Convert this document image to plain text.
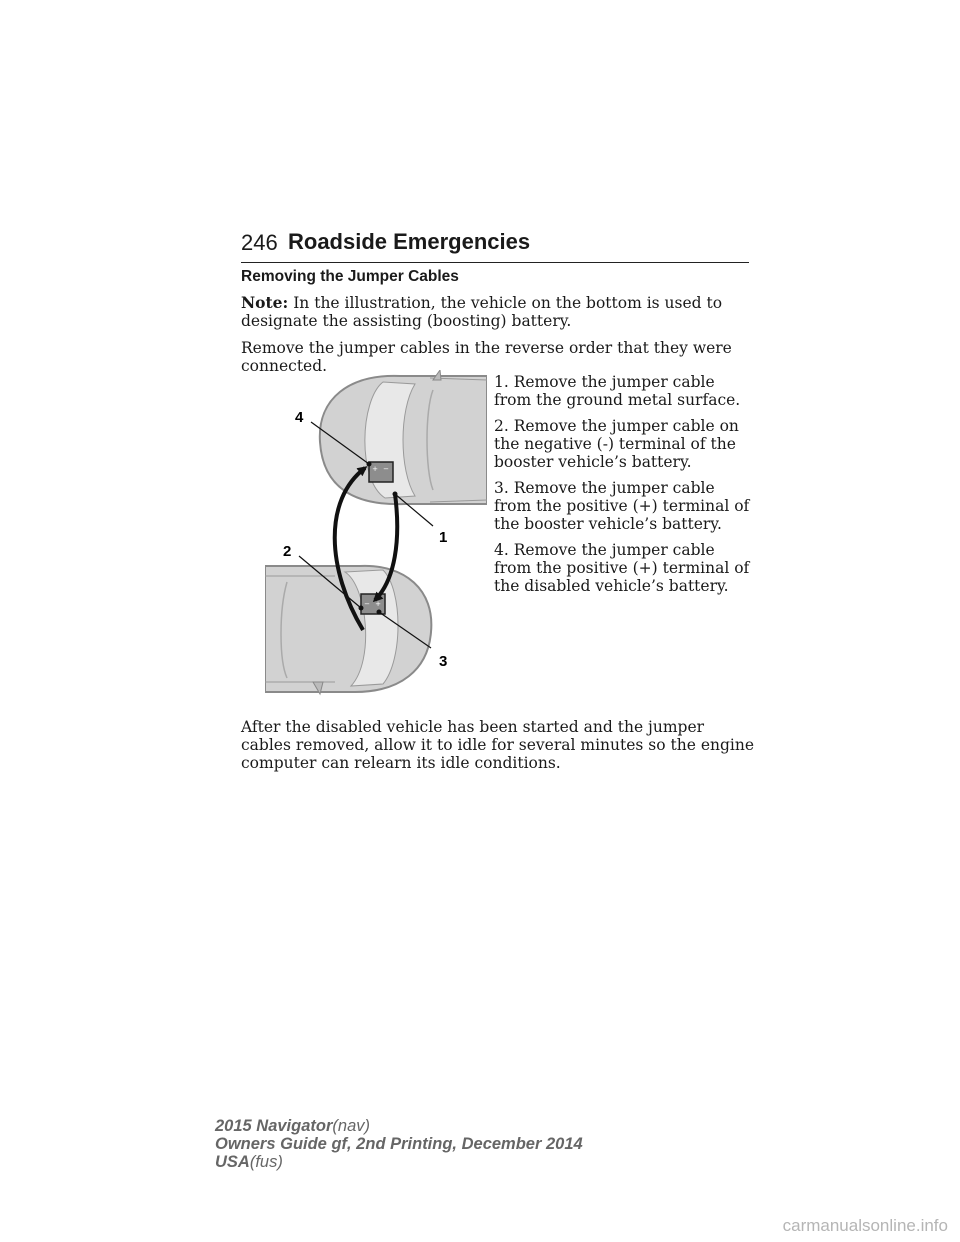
246 Roadside Emergencies
Removing the Jumper Cables

Note: In the illustration, the vehicle on the bottom is used to designate the assisting (boosting) battery.

Remove the jumper cables in the reverse order that they were connected.

1. Remove the jumper cable from the ground metal surface.

2. Remove the jumper cable on the negative (-) terminal of the booster vehicle’s battery.

3. Remove the jumper cable from the positive (+) terminal of the booster vehicle’s battery.

4. Remove the jumper cable from the positive (+) terminal of the disabled vehicle’s battery.

+ −
− +
4
1
2
3

After the disabled vehicle has been started and the jumper cables removed, allow it to idle for several minutes so the engine computer can relearn its idle conditions.

2015 Navigator(nav)
Owners Guide gf, 2nd Printing, December 2014
USA(fus)
carmanualsonline.info
